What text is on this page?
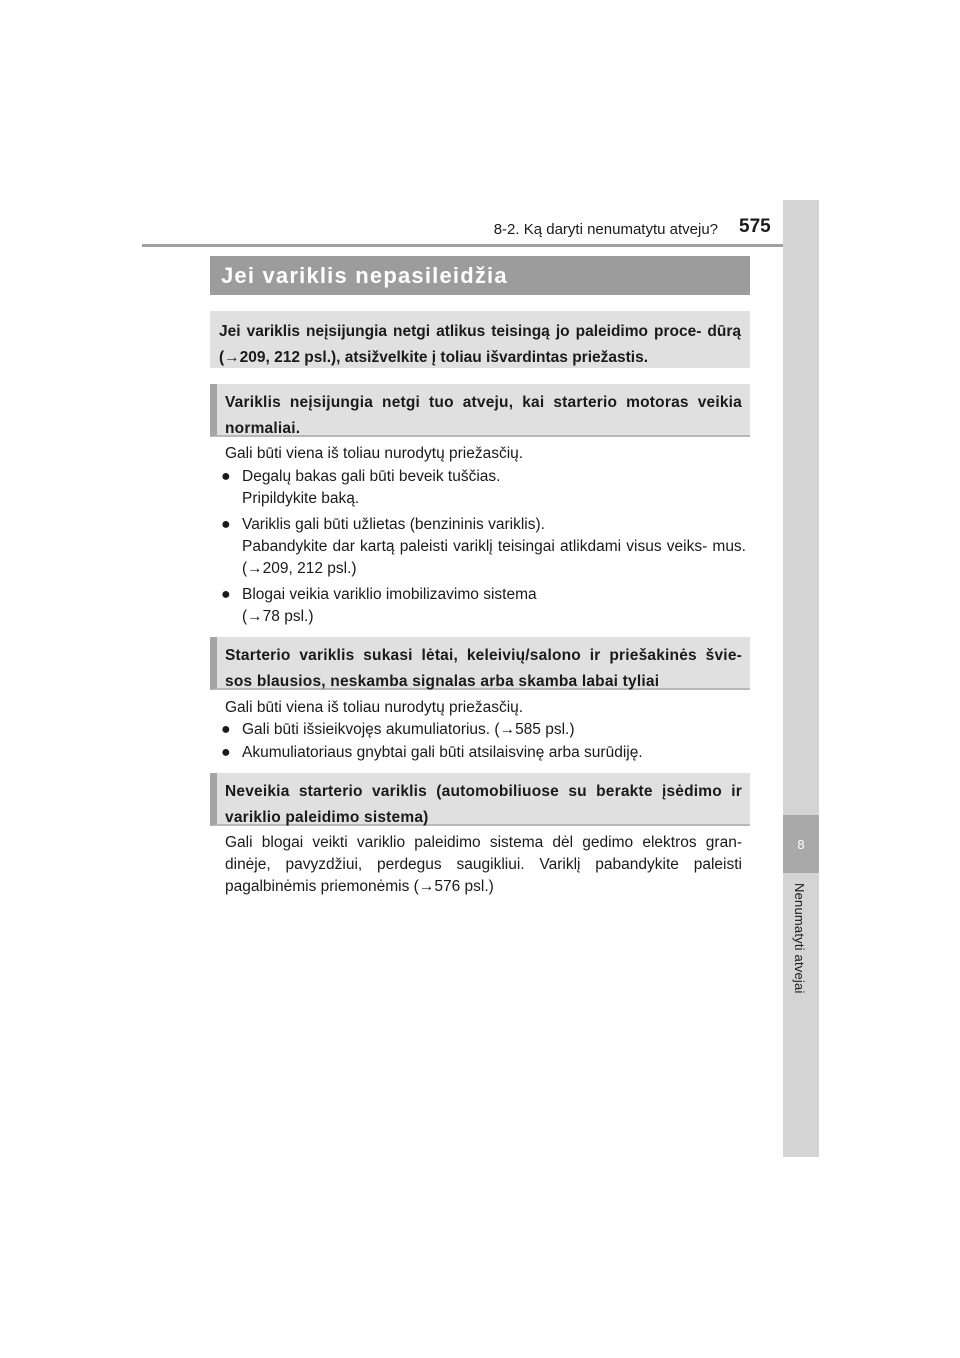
8
Nenumatyti atvejai
8-2. Ką daryti nenumatytu atveju? 575
Jei variklis nepasileidžia
Jei variklis neįsijungia netgi atlikus teisingą jo paleidimo proce- dūrą (→209, 212 psl.), atsižvelkite į toliau išvardintas priežastis.
Variklis neįsijungia netgi tuo atveju, kai starterio motoras veikia normaliai.
Gali būti viena iš toliau nurodytų priežasčių.
● Degalų bakas gali būti beveik tuščias.
Pripildykite baką.
● Variklis gali būti užlietas (benzininis variklis).
Pabandykite dar kartą paleisti variklį teisingai atlikdami visus veiks- mus. (→209, 212 psl.)
● Blogai veikia variklio imobilizavimo sistema
(→78 psl.)
Starterio variklis sukasi lėtai, keleivių/salono ir priešakinės švie- sos blausios, neskamba signalas arba skamba labai tyliai
Gali būti viena iš toliau nurodytų priežasčių.
● Gali būti išsieikvojęs akumuliatorius. (→585 psl.)
● Akumuliatoriaus gnybtai gali būti atsilaisvinę arba surūdiję.
Neveikia starterio variklis (automobiliuose su berakte įsėdimo ir variklio paleidimo sistema)
Gali blogai veikti variklio paleidimo sistema dėl gedimo elektros gran- dinėje, pavyzdžiui, perdegus saugikliui. Variklį pabandykite paleisti pagalbinėmis priemonėmis (→576 psl.)
